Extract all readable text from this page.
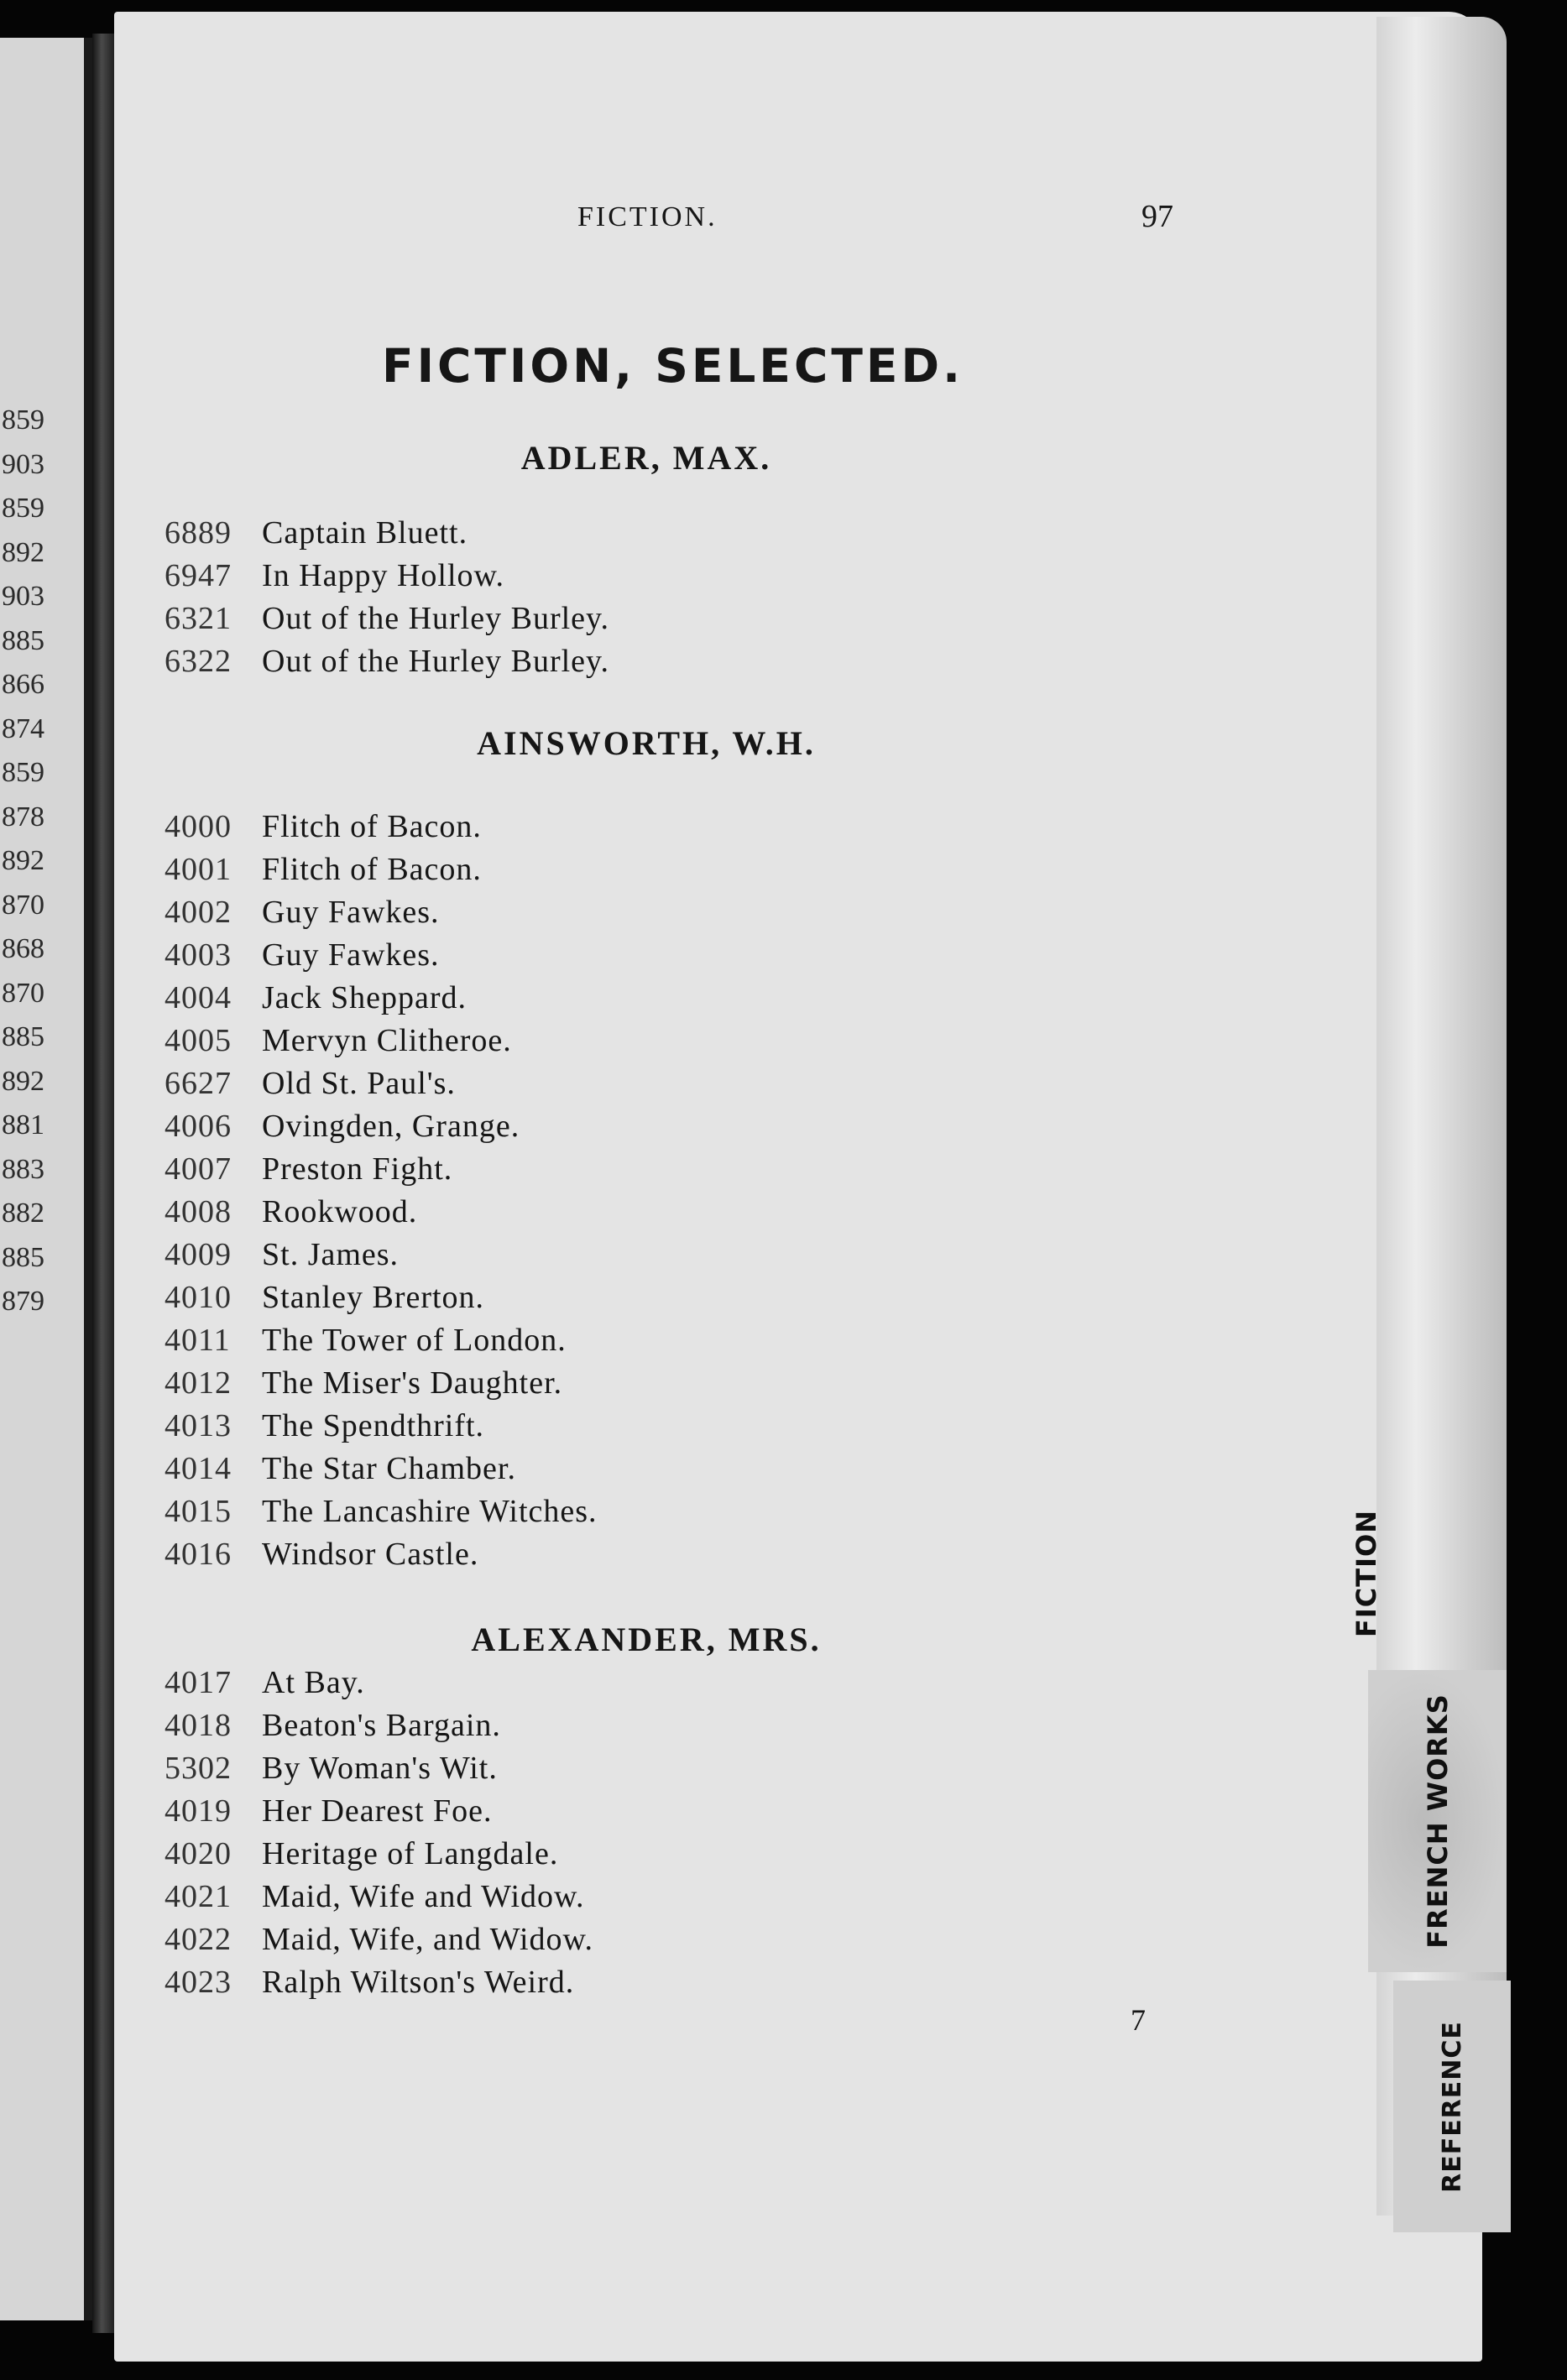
859
903
859
892
903
885
866
874
859
878
892
870
868
870
885
892
881
883
882
885
879
FICTION
FRENCH WORKS
REFERENCE
FICTION.	97
FICTION, SELECTED.
ADLER, MAX.
6889 Captain Bluett.
6947 In Happy Hollow.
6321 Out of the Hurley Burley.
6322 Out of the Hurley Burley.
AINSWORTH, W.H.
4000 Flitch of Bacon.
4001 Flitch of Bacon.
4002 Guy Fawkes.
4003 Guy Fawkes.
4004 Jack Sheppard.
4005 Mervyn Clitheroe.
6627 Old St. Paul's.
4006 Ovingden, Grange.
4007 Preston Fight.
4008 Rookwood.
4009 St. James.
4010 Stanley Brerton.
4011 The Tower of London.
4012 The Miser's Daughter.
4013 The Spendthrift.
4014 The Star Chamber.
4015 The Lancashire Witches.
4016 Windsor Castle.
ALEXANDER, MRS.
4017 At Bay.
4018 Beaton's Bargain.
5302 By Woman's Wit.
4019 Her Dearest Foe.
4020 Heritage of Langdale.
4021 Maid, Wife and Widow.
4022 Maid, Wife, and Widow.
4023 Ralph Wiltson's Weird.
7
